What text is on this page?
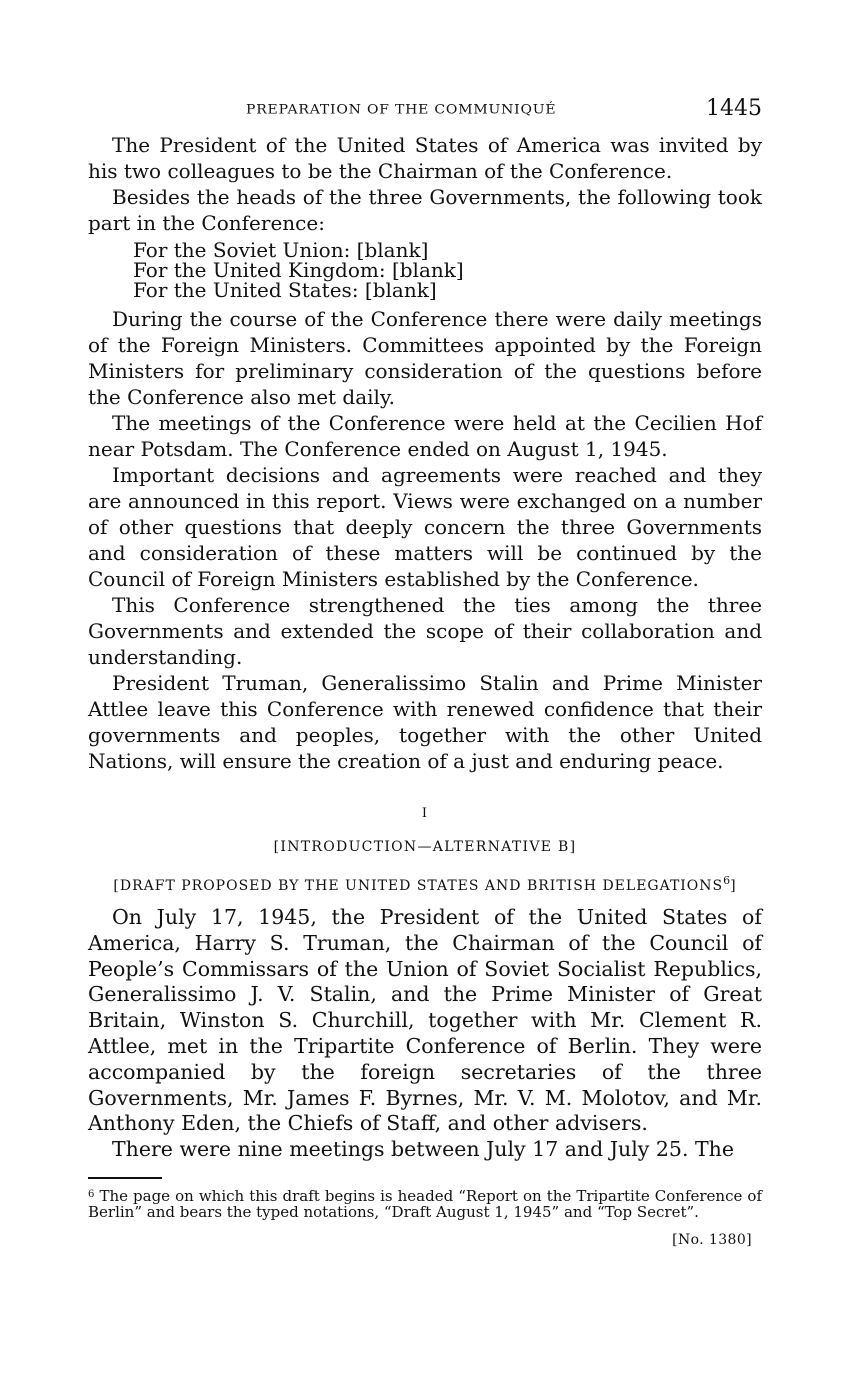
PREPARATION OF THE COMMUNIQUÉ	1445

The President of the United States of America was invited by his two colleagues to be the Chairman of the Conference.

Besides the heads of the three Governments, the following took part in the Conference:

For the Soviet Union: [blank]
For the United Kingdom: [blank]
For the United States: [blank]

During the course of the Conference there were daily meetings of the Foreign Ministers. Committees appointed by the Foreign Ministers for preliminary consideration of the questions before the Conference also met daily.

The meetings of the Conference were held at the Cecilien Hof near Potsdam. The Conference ended on August 1, 1945.

Important decisions and agreements were reached and they are announced in this report. Views were exchanged on a number of other questions that deeply concern the three Governments and consideration of these matters will be continued by the Council of Foreign Ministers established by the Conference.

This Conference strengthened the ties among the three Governments and extended the scope of their collaboration and understanding.

President Truman, Generalissimo Stalin and Prime Minister Attlee leave this Conference with renewed confidence that their governments and peoples, together with the other United Nations, will ensure the creation of a just and enduring peace.

I
[INTRODUCTION—ALTERNATIVE B]
[DRAFT PROPOSED BY THE UNITED STATES AND BRITISH DELEGATIONS$^6$]

On July 17, 1945, the President of the United States of America, Harry S. Truman, the Chairman of the Council of People’s Commissars of the Union of Soviet Socialist Republics, Generalissimo J. V. Stalin, and the Prime Minister of Great Britain, Winston S. Churchill, together with Mr. Clement R. Attlee, met in the Tripartite Conference of Berlin. They were accompanied by the foreign secretaries of the three Governments, Mr. James F. Byrnes, Mr. V. M. Molotov, and Mr. Anthony Eden, the Chiefs of Staff, and other advisers.

There were nine meetings between July 17 and July 25. The

$^6$ The page on which this draft begins is headed “Report on the Tripartite Conference of Berlin” and bears the typed notations, “Draft August 1, 1945” and “Top Secret”.
[No. 1380]
